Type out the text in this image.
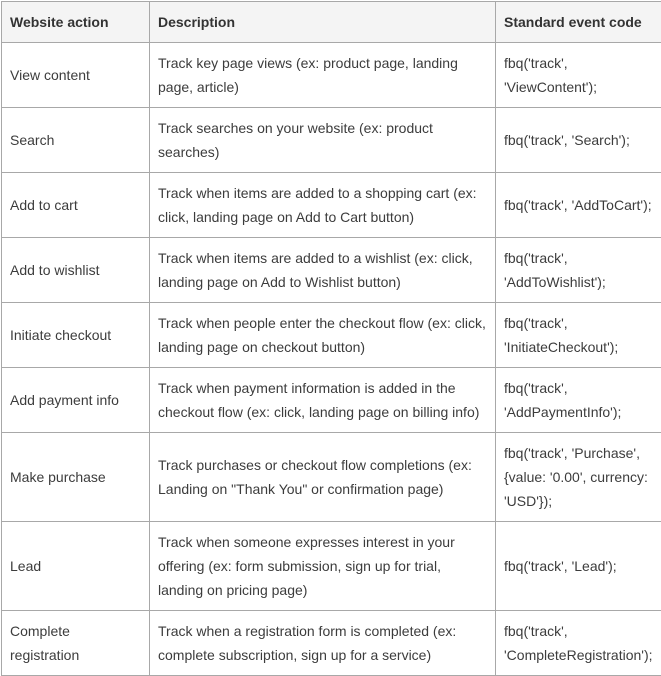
Website action	Description	Standard event code
View content	Track key page views (ex: product page, landing page, article)	fbq('track',
'ViewContent');

Search	Track searches on your website (ex: product searches)	fbq('track', 'Search');

Add to cart	Track when items are added to a shopping cart (ex: click, landing page on Add to Cart button)	fbq('track', 'AddToCart');

Add to wishlist	Track when items are added to a wishlist (ex: click, landing page on Add to Wishlist button)	fbq('track',
'AddToWishlist');

Initiate checkout	Track when people enter the checkout flow (ex: click, landing page on checkout button)	fbq('track',
'InitiateCheckout');

Add payment info	Track when payment information is added in the checkout flow (ex: click, landing page on billing info)	fbq('track',
'AddPaymentInfo');

Make purchase	Track purchases or checkout flow completions (ex: Landing on "Thank You" or confirmation page)	fbq('track', 'Purchase',
{value: '0.00', currency:
'USD'});

Lead	Track when someone expresses interest in your offering (ex: form submission, sign up for trial, landing on pricing page)	fbq('track', 'Lead');

Complete registration	Track when a registration form is completed (ex: complete subscription, sign up for a service)	fbq('track',
'CompleteRegistration');
